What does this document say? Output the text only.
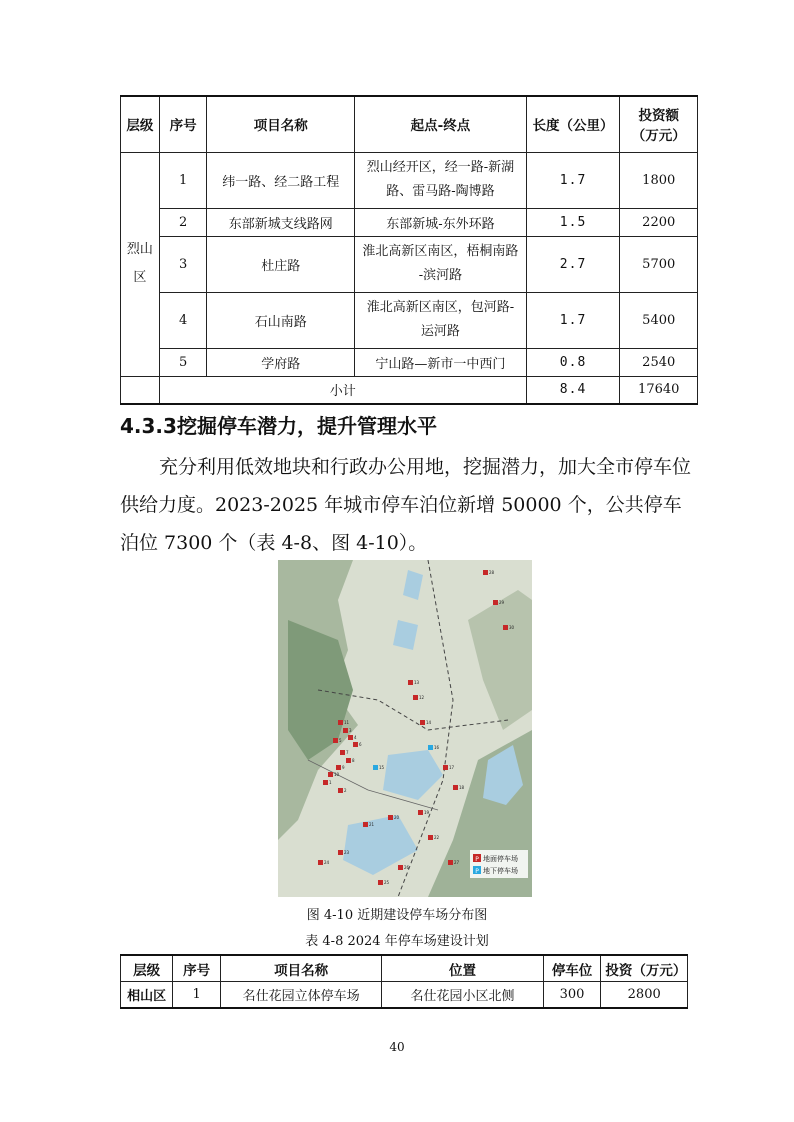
层级	序号	项目名称	起点-终点	长度（公里）	投资额
（万元）

烈山区	1	纬一路、经二路工程	烈山经开区，经一路-新湖
路、雷马路-陶博路	1.7	1800
	2	东部新城支线路网	东部新城-东外环路	1.5	2200
	3	杜庄路	淮北高新区南区，梧桐南路
-滨河路	2.7	5700
	4	石山南路	淮北高新区南区，包河路-
运河路	1.7	5400
	5	学府路	宁山路—新市一中西门	0.8	2540
	小计			8.4	17640
4.3.3挖掘停车潜力，提升管理水平

充分利用低效地块和行政办公用地，挖掘潜力，加大全市停车位供给力度。2023-2025 年城市停车泊位新增 50000 个，公共停车泊位 7300 个（表 4-8、图 4-10）。

28
29
30
13
12
14
11
3
4
5
6
7
8
9
10
1
2
15
16
17
18
19
20
21
22
23
24
25
26
27	P 地面停车场
P 地下停车场

图 4-10 近期建设停车场分布图

表 4-8 2024 年停车场建设计划

层级	序号	项目名称	位置	停车位	投资（万元）
相山区	1	名仕花园立体停车场	名仕花园小区北侧	300	2800

40
